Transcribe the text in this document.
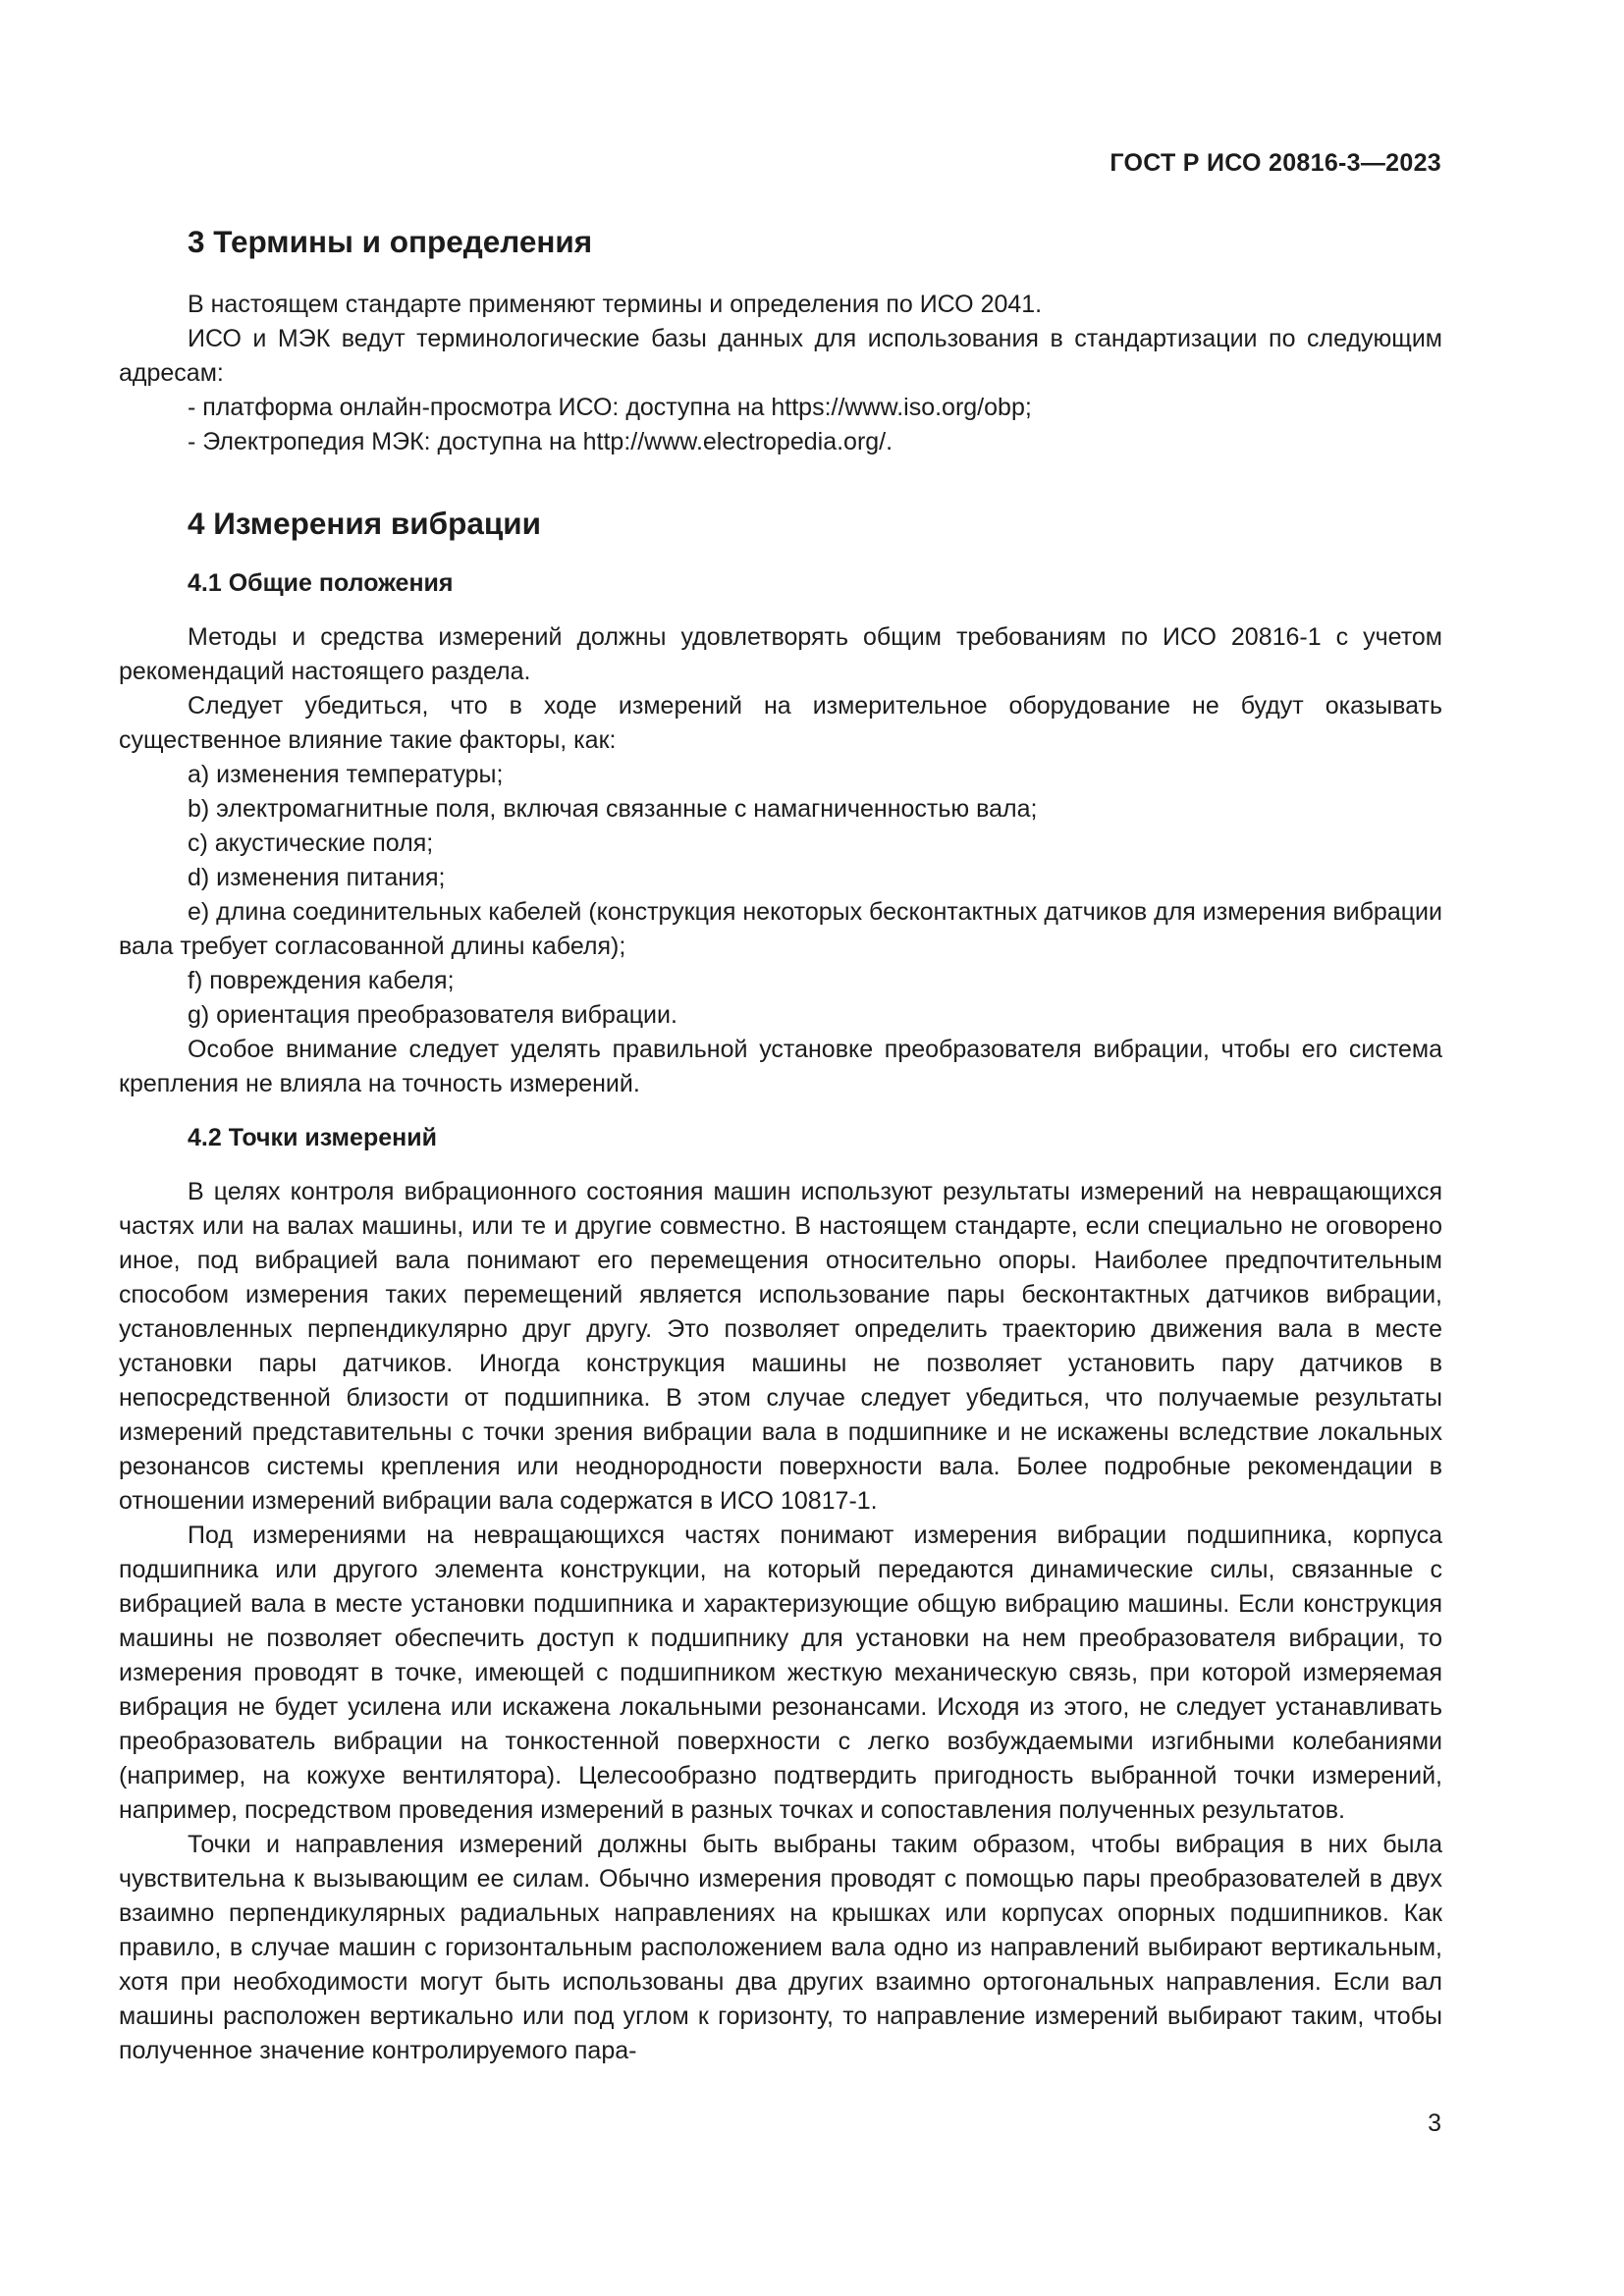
ГОСТ Р ИСО 20816-3—2023
3 Термины и определения

В настоящем стандарте применяют термины и определения по ИСО 2041.

ИСО и МЭК ведут терминологические базы данных для использования в стандартизации по следующим адресам:

- платформа онлайн-просмотра ИСО: доступна на https://www.iso.org/obp;

- Электропедия МЭК: доступна на http://www.electropedia.org/.

4 Измерения вибрации
4.1 Общие положения

Методы и средства измерений должны удовлетворять общим требованиям по ИСО 20816-1 с учетом рекомендаций настоящего раздела.

Следует убедиться, что в ходе измерений на измерительное оборудование не будут оказывать существенное влияние такие факторы, как:

a) изменения температуры;

b) электромагнитные поля, включая связанные с намагниченностью вала;

c) акустические поля;

d) изменения питания;

e) длина соединительных кабелей (конструкция некоторых бесконтактных датчиков для измерения вибрации вала требует согласованной длины кабеля);

f) повреждения кабеля;

g) ориентация преобразователя вибрации.

Особое внимание следует уделять правильной установке преобразователя вибрации, чтобы его система крепления не влияла на точность измерений.

4.2 Точки измерений

В целях контроля вибрационного состояния машин используют результаты измерений на невращающихся частях или на валах машины, или те и другие совместно. В настоящем стандарте, если специально не оговорено иное, под вибрацией вала понимают его перемещения относительно опоры. Наиболее предпочтительным способом измерения таких перемещений является использование пары бесконтактных датчиков вибрации, установленных перпендикулярно друг другу. Это позволяет определить траекторию движения вала в месте установки пары датчиков. Иногда конструкция машины не позволяет установить пару датчиков в непосредственной близости от подшипника. В этом случае следует убедиться, что получаемые результаты измерений представительны с точки зрения вибрации вала в подшипнике и не искажены вследствие локальных резонансов системы крепления или неоднородности поверхности вала. Более подробные рекомендации в отношении измерений вибрации вала содержатся в ИСО 10817-1.

Под измерениями на невращающихся частях понимают измерения вибрации подшипника, корпуса подшипника или другого элемента конструкции, на который передаются динамические силы, связанные с вибрацией вала в месте установки подшипника и характеризующие общую вибрацию машины. Если конструкция машины не позволяет обеспечить доступ к подшипнику для установки на нем преобразователя вибрации, то измерения проводят в точке, имеющей с подшипником жесткую механическую связь, при которой измеряемая вибрация не будет усилена или искажена локальными резонансами. Исходя из этого, не следует устанавливать преобразователь вибрации на тонкостенной поверхности с легко возбуждаемыми изгибными колебаниями (например, на кожухе вентилятора). Целесообразно подтвердить пригодность выбранной точки измерений, например, посредством проведения измерений в разных точках и сопоставления полученных результатов.

Точки и направления измерений должны быть выбраны таким образом, чтобы вибрация в них была чувствительна к вызывающим ее силам. Обычно измерения проводят с помощью пары преобразователей в двух взаимно перпендикулярных радиальных направлениях на крышках или корпусах опорных подшипников. Как правило, в случае машин с горизонтальным расположением вала одно из направлений выбирают вертикальным, хотя при необходимости могут быть использованы два других взаимно ортогональных направления. Если вал машины расположен вертикально или под углом к горизонту, то направление измерений выбирают таким, чтобы полученное значение контролируемого пара-

3
